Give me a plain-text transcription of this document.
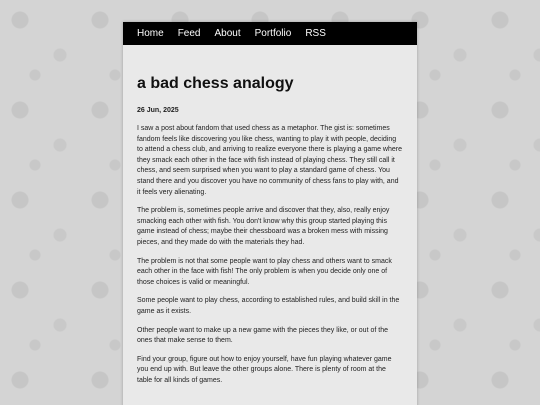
Home Feed About Portfolio RSS
a bad chess analogy
26 Jun, 2025

I saw a post about fandom that used chess as a metaphor. The gist is: sometimes fandom feels like discovering you like chess, wanting to play it with people, deciding to attend a chess club, and arriving to realize everyone there is playing a game where they smack each other in the face with fish instead of playing chess. They still call it chess, and seem surprised when you want to play a standard game of chess. You stand there and you discover you have no community of chess fans to play with, and it feels very alienating.

The problem is, sometimes people arrive and discover that they, also, really enjoy smacking each other with fish. You don't know why this group started playing this game instead of chess; maybe their chessboard was a broken mess with missing pieces, and they made do with the materials they had.

The problem is not that some people want to play chess and others want to smack each other in the face with fish! The only problem is when you decide only one of those choices is valid or meaningful.

Some people want to play chess, according to established rules, and build skill in the game as it exists.

Other people want to make up a new game with the pieces they like, or out of the ones that make sense to them.

Find your group, figure out how to enjoy yourself, have fun playing whatever game you end up with. But leave the other groups alone. There is plenty of room at the table for all kinds of games.
